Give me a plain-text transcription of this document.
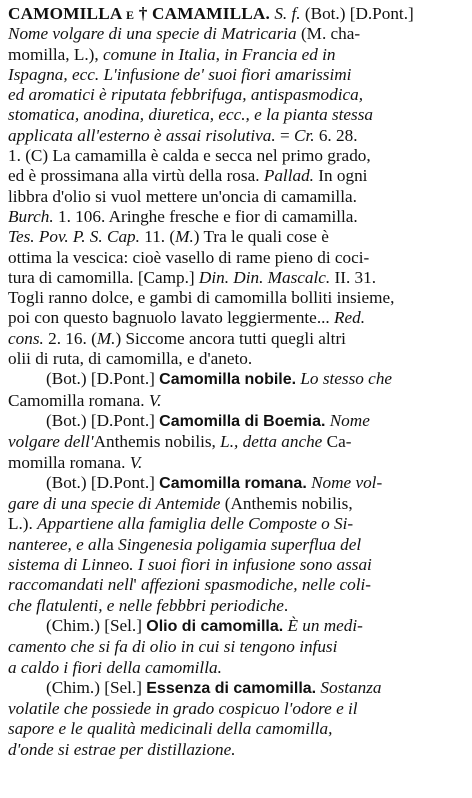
CAMOMILLA e † CAMAMILLA. S. f. (Bot.) [D.Pont.]
Nome volgare di una specie di Matricaria (M. cha-
momilla, L.), comune in Italia, in Francia ed in
Ispagna, ecc. L'infusione de' suoi fiori amarissimi
ed aromatici è riputata febbrifuga, antispasmodica,
stomatica, anodina, diuretica, ecc., e la pianta stessa
applicata all'esterno è assai risolutiva. = Cr. 6. 28.
1. (C) La camamilla è calda e secca nel primo grado,
ed è prossimana alla virtù della rosa. Pallad. In ogni
libbra d'olio si vuol mettere un'oncia di camamilla.
Burch. 1. 106. Aringhe fresche e fior di camamilla.
Tes. Pov. P. S. Cap. 11. (M.) Tra le quali cose è
ottima la vescica: cioè vasello di rame pieno di coci-
tura di camomilla. [Camp.] Din. Din. Mascalc. II. 31.
Togli ranno dolce, e gambi di camomilla bolliti insieme,
poi con questo bagnuolo lavato leggiermente... Red.
cons. 2. 16. (M.) Siccome ancora tutti quegli altri
olii di ruta, di camomilla, e d'aneto.
(Bot.) [D.Pont.] Camomilla nobile. Lo stesso che
Camomilla romana. V.
(Bot.) [D.Pont.] Camomilla di Boemia. Nome
volgare dell'Anthemis nobilis, L., detta anche Ca-
momilla romana. V.
(Bot.) [D.Pont.] Camomilla romana. Nome vol-
gare di una specie di Antemide (Anthemis nobilis,
L.). Appartiene alla famiglia delle Composte o Si-
nanteree, e alla Singenesia poligamia superflua del
sistema di Linneo. I suoi fiori in infusione sono assai
raccomandati nell' affezioni spasmodiche, nelle coli-
che flatulenti, e nelle febbbri periodiche.
(Chim.) [Sel.] Olio di camomilla. È un medi-
camento che si fa di olio in cui si tengono infusi
a caldo i fiori della camomilla.
(Chim.) [Sel.] Essenza di camomilla. Sostanza
volatile che possiede in grado cospicuo l'odore e il
sapore e le qualità medicinali della camomilla,
d'onde si estrae per distillazione.
